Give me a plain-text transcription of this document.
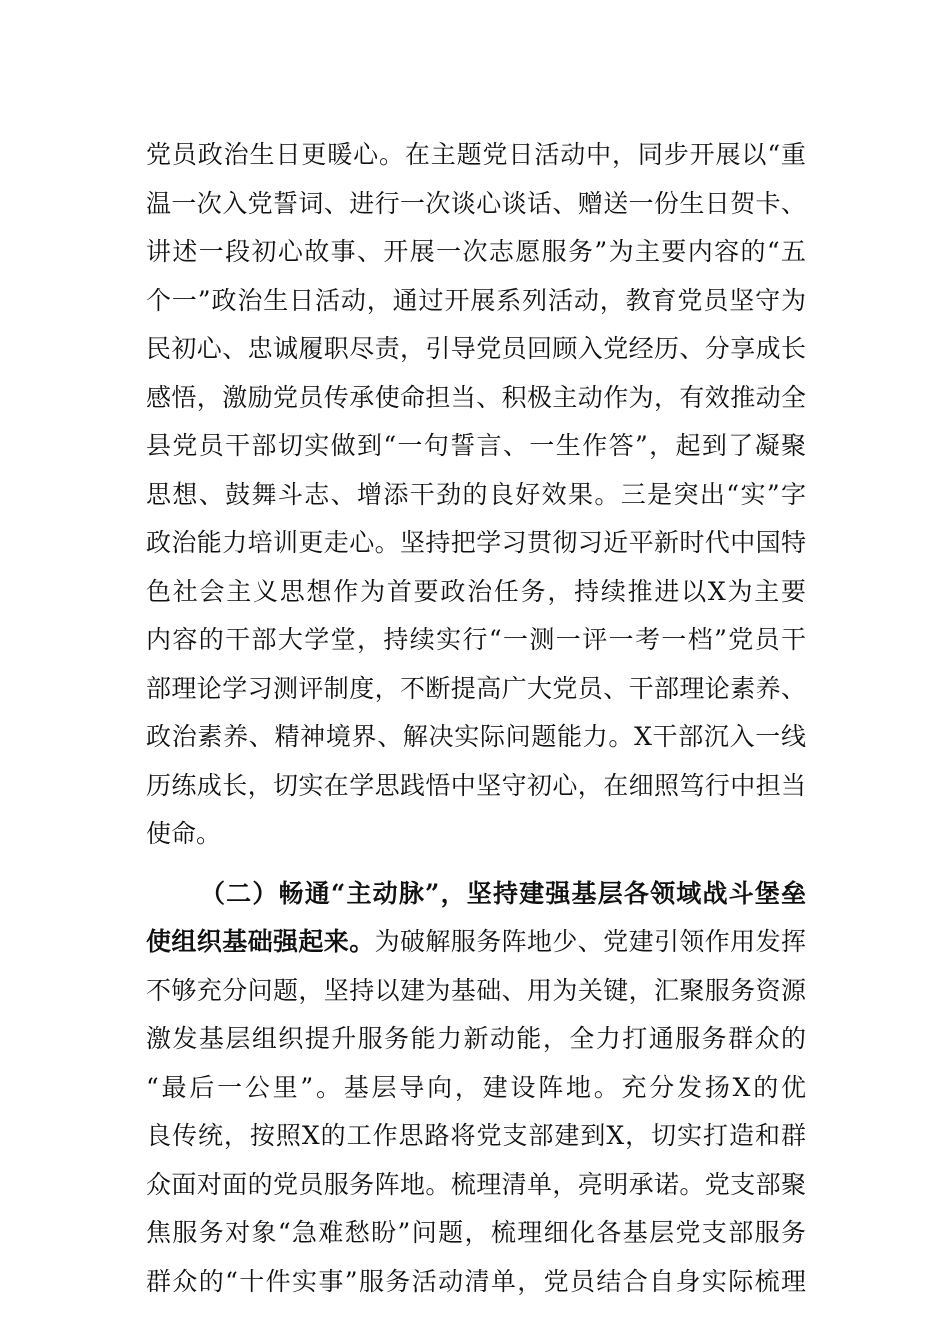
党员政治生日更暖心。在主题党日活动中，同步开展以“重
温一次入党誓词、进行一次谈心谈话、赠送一份生日贺卡、
讲述一段初心故事、开展一次志愿服务”为主要内容的“五
个一”政治生日活动，通过开展系列活动，教育党员坚守为
民初心、忠诚履职尽责，引导党员回顾入党经历、分享成长
感悟，激励党员传承使命担当、积极主动作为，有效推动全
县党员干部切实做到“一句誓言、一生作答”，起到了凝聚
思想、鼓舞斗志、增添干劲的良好效果。三是突出“实”字
政治能力培训更走心。坚持把学习贯彻习近平新时代中国特
色社会主义思想作为首要政治任务，持续推进以X为主要
内容的干部大学堂，持续实行“一测一评一考一档”党员干
部理论学习测评制度，不断提高广大党员、干部理论素养、
政治素养、精神境界、解决实际问题能力。X干部沉入一线
历练成长，切实在学思践悟中坚守初心，在细照笃行中担当
使命。
（二）畅通“主动脉”，坚持建强基层各领域战斗堡垒
使组织基础强起来。为破解服务阵地少、党建引领作用发挥
不够充分问题，坚持以建为基础、用为关键，汇聚服务资源
激发基层组织提升服务能力新动能，全力打通服务群众的
“最后一公里”。基层导向，建设阵地。充分发扬X的优
良传统，按照X的工作思路将党支部建到X，切实打造和群
众面对面的党员服务阵地。梳理清单，亮明承诺。党支部聚
焦服务对象“急难愁盼”问题，梳理细化各基层党支部服务
群众的“十件实事”服务活动清单，党员结合自身实际梳理
